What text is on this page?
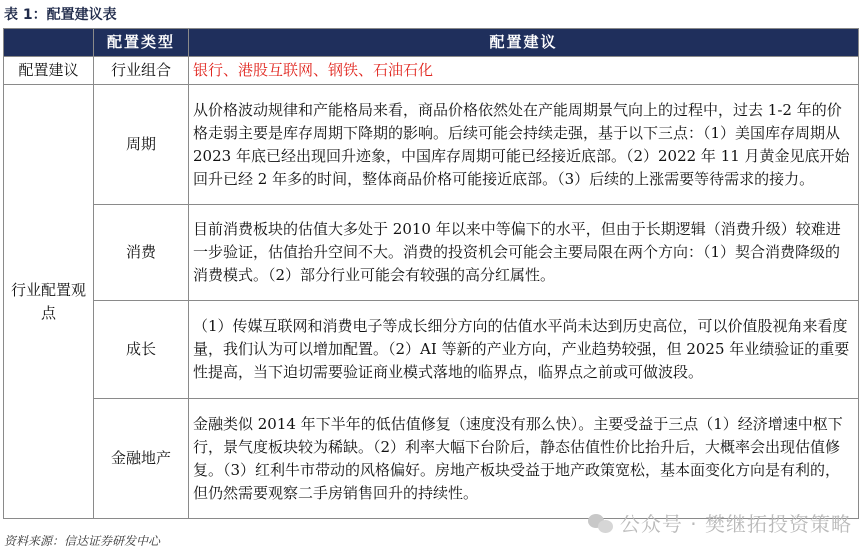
表 1：配置建议表
	配置类型	配置建议
配置建议	行业组合	银行、港股互联网、钢铁、石油石化
行业配置观点	周期	从价格波动规律和产能格局来看，商品价格依然处在产能周期景气向上的过程中，过去 1-2 年的价格走弱主要是库存周期下降期的影响。后续可能会持续走强，基于以下三点：（1）美国库存周期从 2023 年底已经出现回升迹象，中国库存周期可能已经接近底部。（2）2022 年 11 月黄金见底开始回升已经 2 年多的时间，整体商品价格可能接近底部。（3）后续的上涨需要等待需求的接力。
	消费	目前消费板块的估值大多处于 2010 年以来中等偏下的水平，但由于长期逻辑（消费升级）较难进一步验证，估值抬升空间不大。消费的投资机会可能会主要局限在两个方向：（1）契合消费降级的消费模式。（2）部分行业可能会有较强的高分红属性。
	成长	（1）传媒互联网和消费电子等成长细分方向的估值水平尚未达到历史高位，可以价值股视角来看度量，我们认为可以增加配置。（2）AI 等新的产业方向，产业趋势较强，但 2025 年业绩验证的重要性提高，当下迫切需要验证商业模式落地的临界点，临界点之前或可做波段。
	金融地产	金融类似 2014 年下半年的低估值修复（速度没有那么快）。主要受益于三点（1）经济增速中枢下行，景气度板块较为稀缺。（2）利率大幅下台阶后，静态估值性价比抬升后，大概率会出现估值修复。（3）红利牛市带动的风格偏好。房地产板块受益于地产政策宽松，基本面变化方向是有利的，但仍然需要观察二手房销售回升的持续性。
资料来源：信达证券研发中心
公众号 · 樊继拓投资策略
